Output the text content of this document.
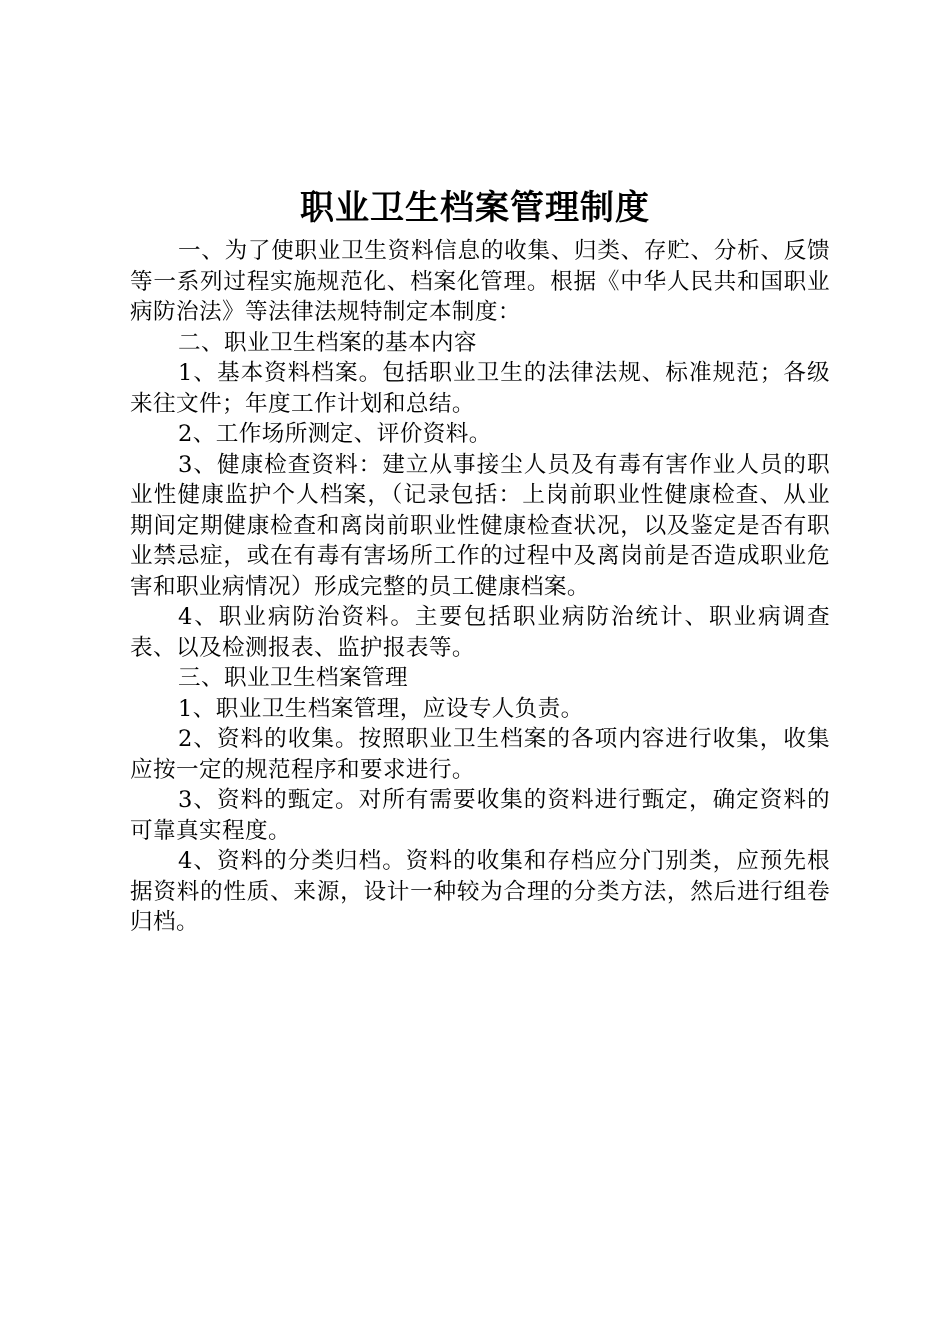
职业卫生档案管理制度

一、为了使职业卫生资料信息的收集、归类、存贮、分析、反馈等一系列过程实施规范化、档案化管理。根据《中华人民共和国职业病防治法》等法律法规特制定本制度：

二、职业卫生档案的基本内容

1、基本资料档案。包括职业卫生的法律法规、标准规范；各级来往文件；年度工作计划和总结。

2、工作场所测定、评价资料。

3、健康检查资料：建立从事接尘人员及有毒有害作业人员的职业性健康监护个人档案，（记录包括：上岗前职业性健康检查、从业期间定期健康检查和离岗前职业性健康检查状况，以及鉴定是否有职业禁忌症，或在有毒有害场所工作的过程中及离岗前是否造成职业危害和职业病情况）形成完整的员工健康档案。

4、职业病防治资料。主要包括职业病防治统计、职业病调查表、以及检测报表、监护报表等。

三、职业卫生档案管理

1、职业卫生档案管理，应设专人负责。

2、资料的收集。按照职业卫生档案的各项内容进行收集，收集应按一定的规范程序和要求进行。

3、资料的甄定。对所有需要收集的资料进行甄定，确定资料的可靠真实程度。

4、资料的分类归档。资料的收集和存档应分门别类，应预先根据资料的性质、来源，设计一种较为合理的分类方法，然后进行组卷归档。
